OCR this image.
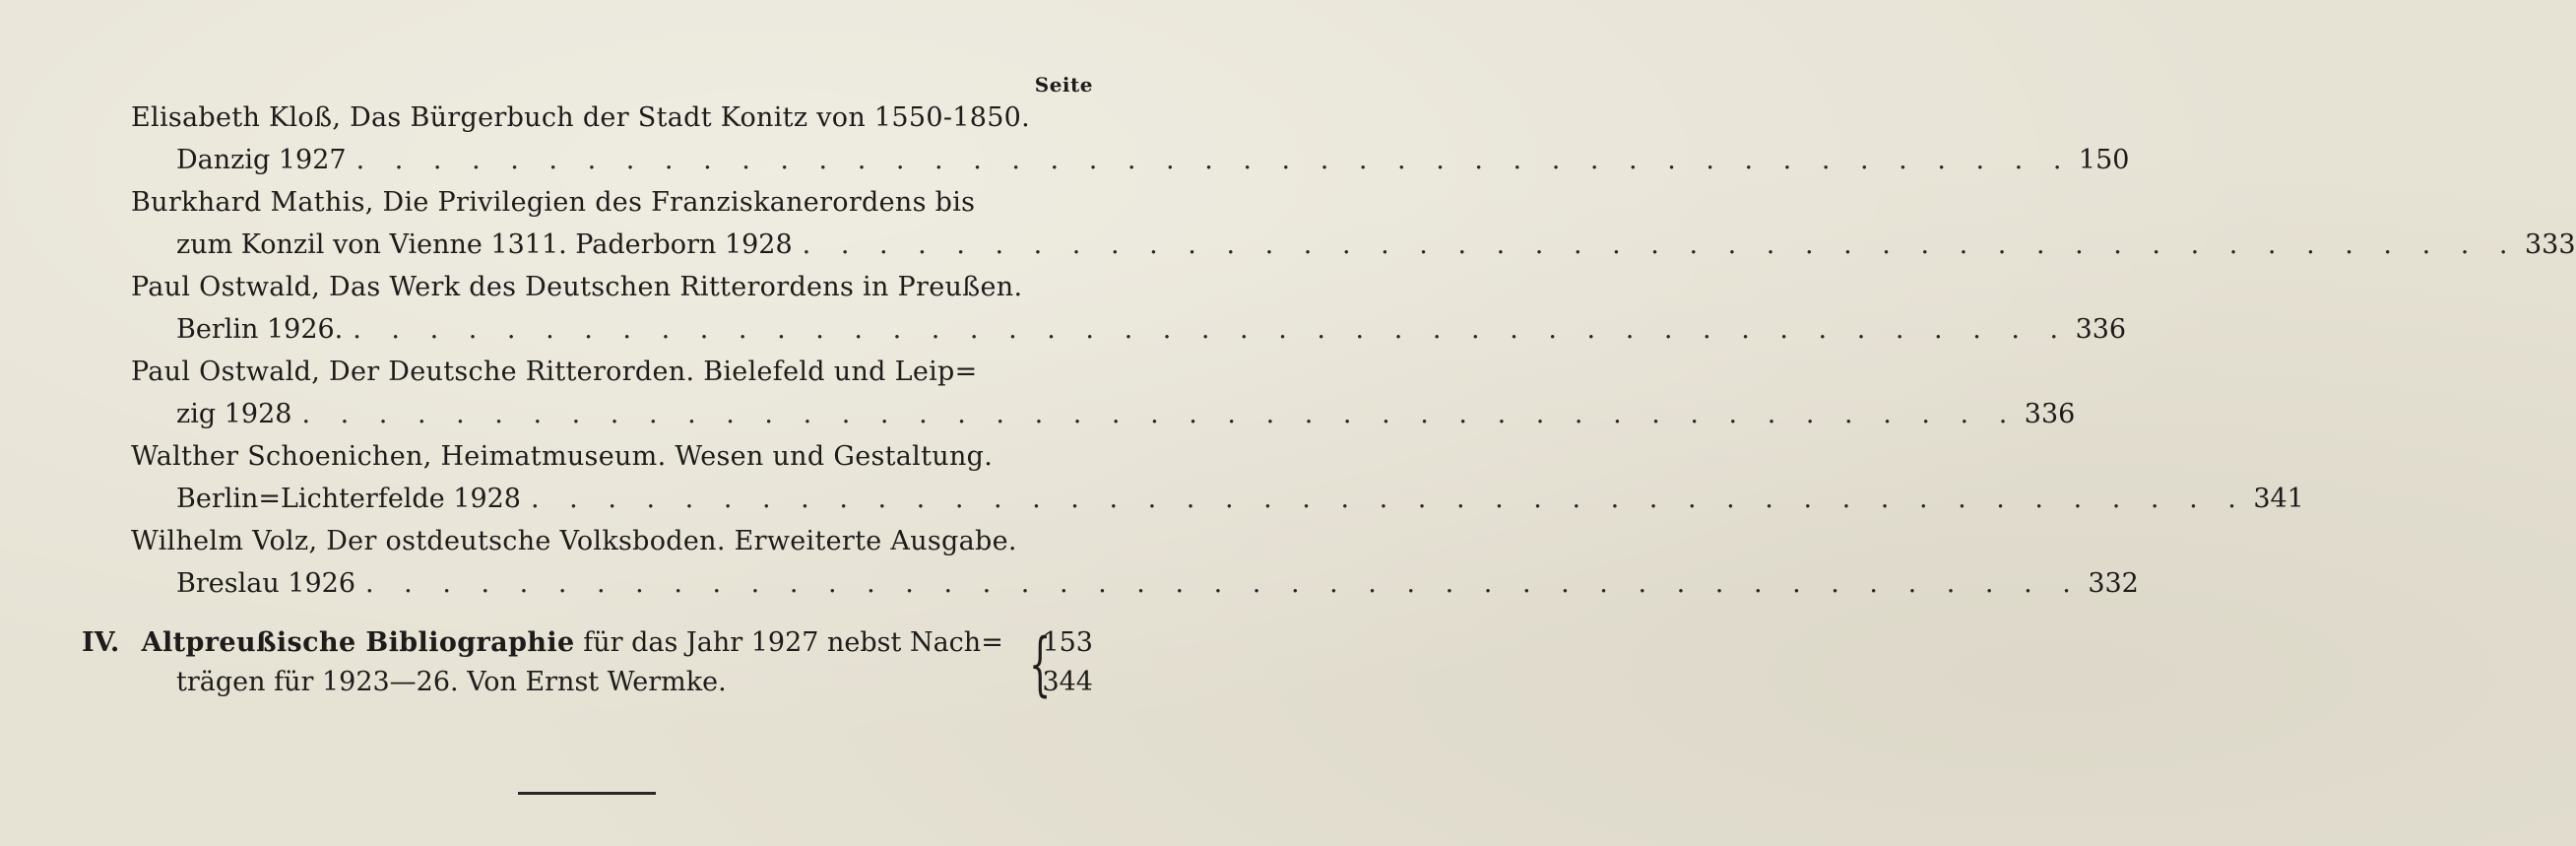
Seite
Elisabeth Kloß, Das Bürgerbuch der Stadt Konitz von 1550-1850.
Danzig 1927 . . . . . . . . . . . . . . . . . . . . . . . . . . . . . . . . . . . . . . . . . . . . . 150
Burkhard Mathis, Die Privilegien des Franziskanerordens bis
zum Konzil von Vienne 1311. Paderborn 1928 . . . . . . . . . . . . . . . . . . . . . . . . . . . . . . . . . . . . . . . . . . . . . 333
Paul Ostwald, Das Werk des Deutschen Ritterordens in Preußen.
Berlin 1926. . . . . . . . . . . . . . . . . . . . . . . . . . . . . . . . . . . . . . . . . . . . . . 336
Paul Ostwald, Der Deutsche Ritterorden. Bielefeld und Leip=
zig 1928 . . . . . . . . . . . . . . . . . . . . . . . . . . . . . . . . . . . . . . . . . . . . . 336
Walther Schoenichen, Heimatmuseum. Wesen und Gestaltung.
Berlin=Lichterfelde 1928 . . . . . . . . . . . . . . . . . . . . . . . . . . . . . . . . . . . . . . . . . . . . . 341
Wilhelm Volz, Der ostdeutsche Volksboden. Erweiterte Ausgabe.
Breslau 1926 . . . . . . . . . . . . . . . . . . . . . . . . . . . . . . . . . . . . . . . . . . . . . 332
IV. Altpreußische Bibliographie für das Jahr 1927 nebst Nach=
trägen für 1923—26. Von Ernst Wermke.	{
153
344
